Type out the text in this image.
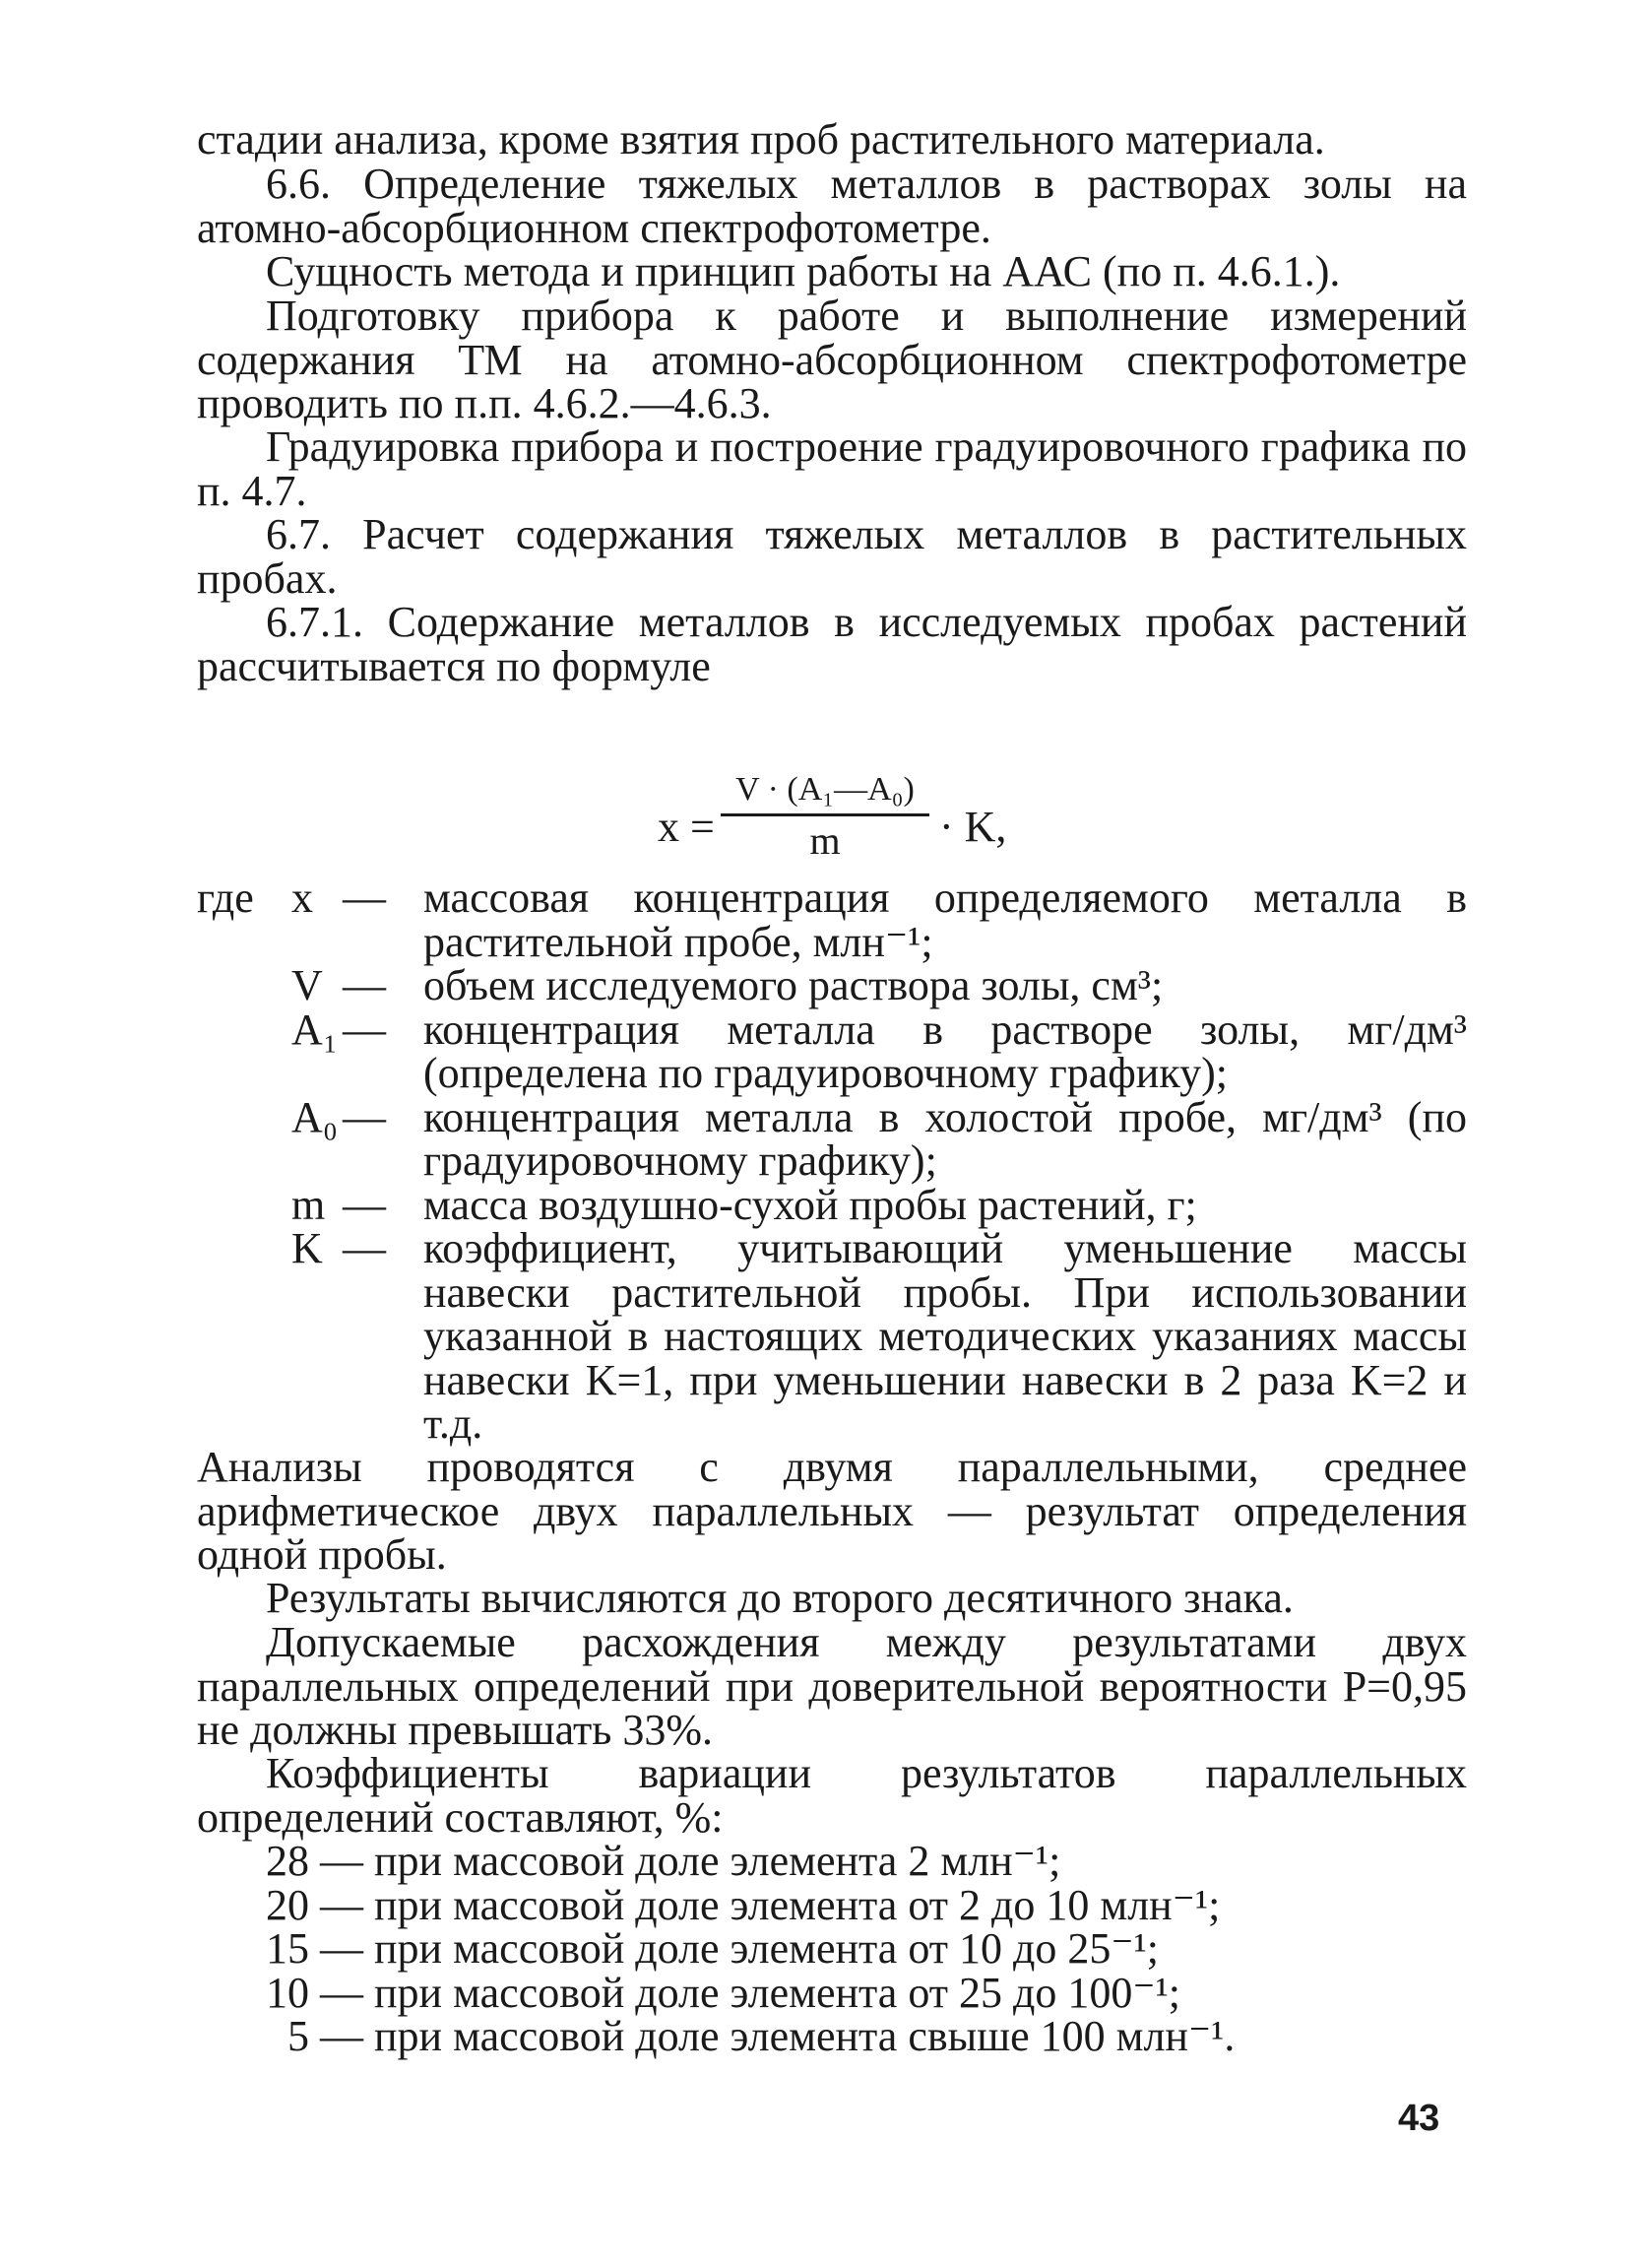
стадии анализа, кроме взятия проб растительного материала.
6.6. Определение тяжелых металлов в растворах золы на атомно-абсорбционном спектрофотометре.
Сущность метода и принцип работы на ААС (по п. 4.6.1.).
Подготовку прибора к работе и выполнение измерений содержания ТМ на атомно-абсорбционном спектрофотометре проводить по п.п. 4.6.2.—4.6.3.
Градуировка прибора и построение градуировочного графика по п. 4.7.
6.7. Расчет содержания тяжелых металлов в растительных пробах.
6.7.1. Содержание металлов в исследуемых пробах растений рассчитывается по формуле
x =
V · (A₁—A₀)
m	· K,
где x — массовая концентрация определяемого металла в растительной пробе, млн⁻¹;
V — объем исследуемого раствора золы, см³;
A₁ — концентрация металла в растворе золы, мг/дм³ (определена по градуировочному графику);
A₀ — концентрация металла в холостой пробе, мг/дм³ (по градуировочному графику);
m — масса воздушно-сухой пробы растений, г;
K — коэффициент, учитывающий уменьшение массы навески растительной пробы. При использовании указанной в настоящих методических указаниях массы навески K=1, при уменьшении навески в 2 раза K=2 и т.д.
Анализы проводятся с двумя параллельными, среднее арифметическое двух параллельных — результат определения одной пробы.
Результаты вычисляются до второго десятичного знака.
Допускаемые расхождения между результатами двух параллельных определений при доверительной вероятности P=0,95 не должны превышать 33%.
Коэффициенты вариации результатов параллельных определений составляют, %:
28 — при массовой доле элемента 2 млн⁻¹;
20 — при массовой доле элемента от 2 до 10 млн⁻¹;
15 — при массовой доле элемента от 10 до 25⁻¹;
10 — при массовой доле элемента от 25 до 100⁻¹;
5 — при массовой доле элемента свыше 100 млн⁻¹.
43
